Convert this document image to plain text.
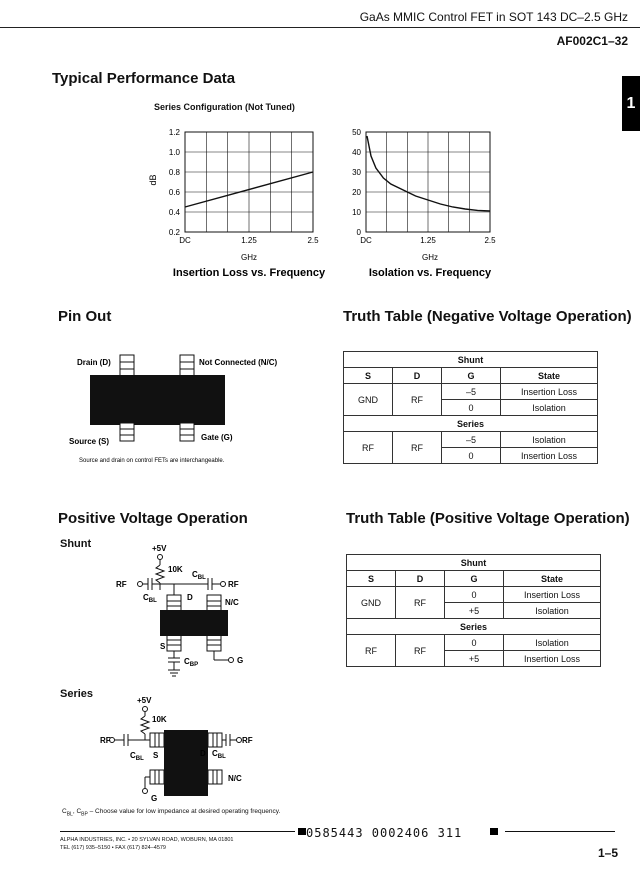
GaAs MMIC Control FET in SOT 143 DC–2.5 GHz
AF002C1–32
1
Typical Performance Data
Series Configuration (Not Tuned)
1.2
1.0
0.8
0.6
0.4
0.2
DC	1.25	2.5
dB
GHz
Insertion Loss vs. Frequency
50
40
30
20
10
0
DC	1.25	2.5
GHz
Isolation vs. Frequency
Pin Out
Drain (D)	Not Connected (N/C)
Source (S)	Gate (G)
Source and drain on control FETs are interchangeable.
Truth Table (Negative Voltage Operation)
Shunt			
S	D	G	State
GND	RF	–5	Insertion Loss
		0	Isolation
Series			
RF	RF	–5	Isolation
		0	Insertion Loss
Positive Voltage Operation
Shunt	+5V
10K
$C_{BL}$
RF	RF
$C_{BL}$	D
N/C
S
$C_{BP}$	G
Series
+5V
10K
RF	RF
$C_{BL}$ S	D $C_{BL}$
N/C
G
$C_{BL}$, $C_{BP}$ – Choose value for low impedance at desired operating frequency.
Truth Table (Positive Voltage Operation)
Shunt			
S	D	G	State
GND	RF	0	Insertion Loss
		+5	Isolation
Series			
RF	RF	0	Isolation
		+5	Insertion Loss
ALPHA INDUSTRIES, INC. • 20 SYLVAN ROAD, WOBURN, MA 01801
TEL (617) 935–5150 • FAX (617) 824–4579
0585443 0002406 311
1–5
